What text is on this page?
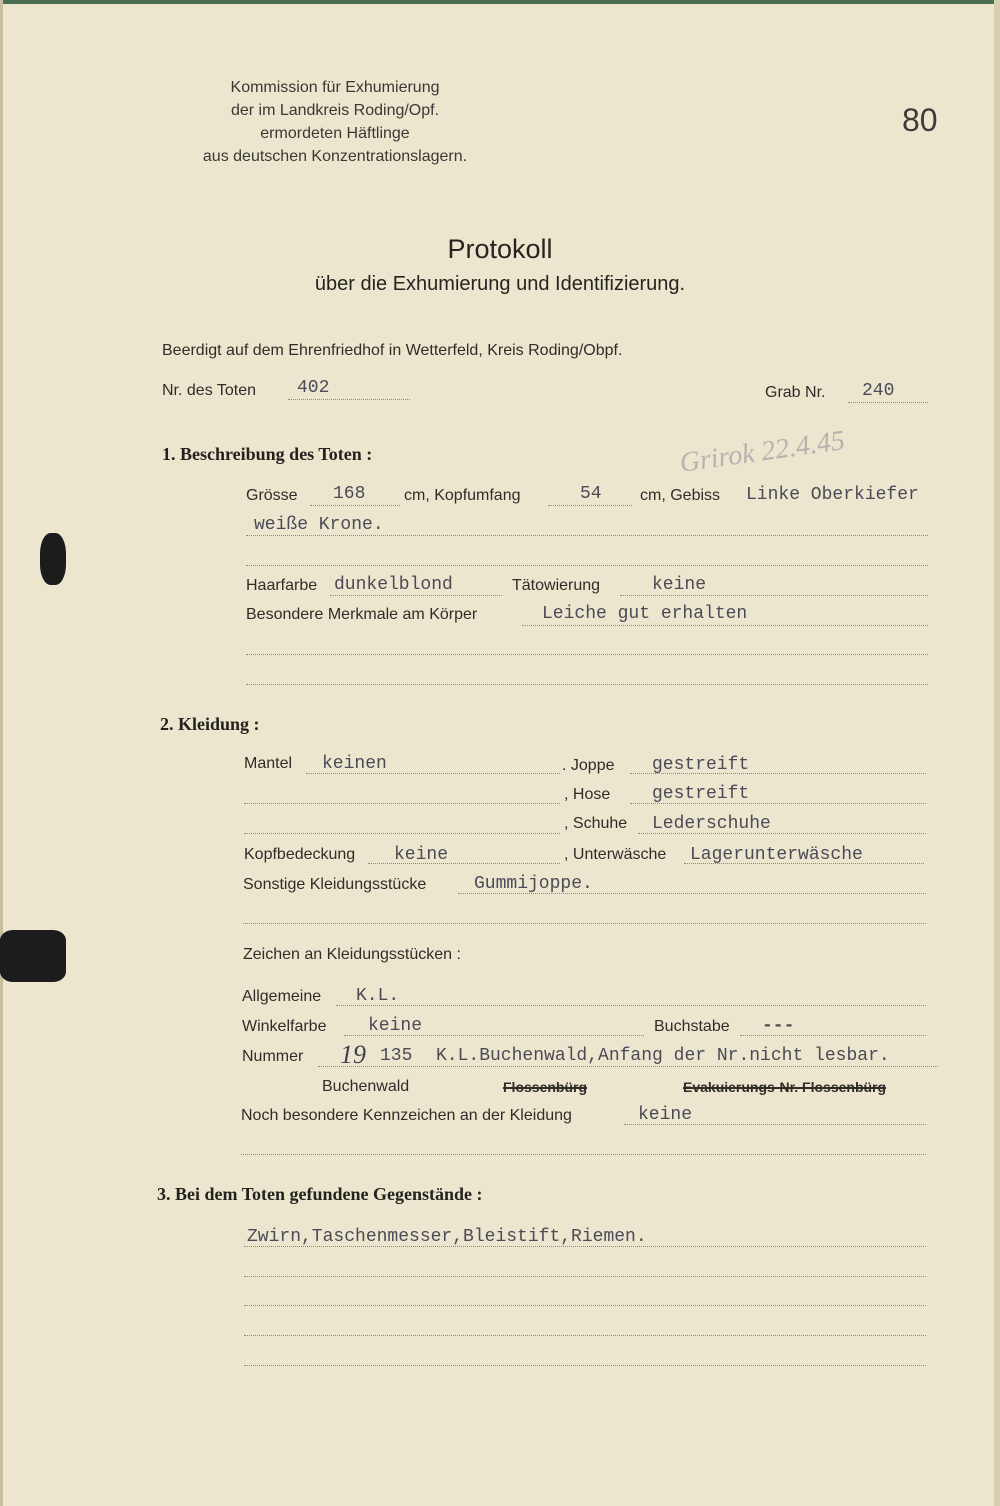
Kommission für Exhumierung
der im Landkreis Roding/Opf.
ermordeten Häftlinge
aus deutschen Konzentrationslagern.
80
Protokoll
über die Exhumierung und Identifizierung.
Beerdigt auf dem Ehrenfriedhof in Wetterfeld, Kreis Roding/Obpf.
Nr. des Toten 402	Grab Nr. 240
1. Beschreibung des Toten :	Grirok 22.4.45
Grösse 168 cm, Kopfumfang	54 cm, Gebiss Linke Oberkiefer
weiße Krone.
Haarfarbe dunkelblond	Tätowierung	keine
Besondere Merkmale am Körper	Leiche gut erhalten
2. Kleidung :
Mantel keinen	. Joppe gestreift
, Hose gestreift
, Schuhe Lederschuhe
Kopfbedeckung keine	, Unterwäsche Lagerunterwäsche
Sonstige Kleidungsstücke	Gummijoppe.
Zeichen an Kleidungsstücken :
Allgemeine K.L.
Winkelfarbe keine	Buchstabe ---
Nummer 19 135 K.L.Buchenwald,Anfang der Nr.nicht lesbar.
Buchenwald	Flossenbürg	Evakuierungs-Nr. Flossenbürg
Noch besondere Kennzeichen an der Kleidung	keine
3. Bei dem Toten gefundene Gegenstände :
Zwirn,Taschenmesser,Bleistift,Riemen.
